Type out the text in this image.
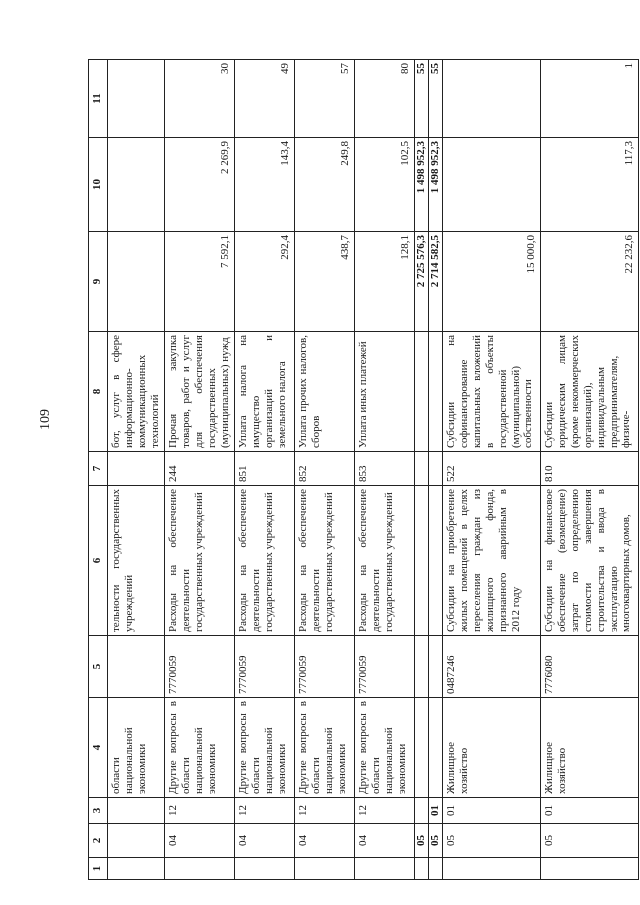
109
1	2	3	4	5	6	7	8	9	10	11
			области национальной экономики		тельности государственных учреждений		бот, услуг в сфере информационно-коммуникационных технологий			
	04	12	Другие вопросы в области национальной экономики	7770059	Расходы на обеспечение деятельности государственных учреждений	244	Прочая закупка товаров, работ и услуг для обеспечения государственных (муниципальных) нужд	7 592,1	2 269,9	30
	04	12	Другие вопросы в области национальной экономики	7770059	Расходы на обеспечение деятельности государственных учреждений	851	Уплата налога на имущество организаций и земельного налога	292,4	143,4	49
	04	12	Другие вопросы в области национальной экономики	7770059	Расходы на обеспечение деятельности государственных учреждений	852	Уплата прочих налогов, сборов	438,7	249,8	57
	04	12	Другие вопросы в области национальной экономики	7770059	Расходы на обеспечение деятельности государственных учреждений	853	Уплата иных платежей	128,1	102,5	80
	05							2 725 576,3	1 498 952,3	55
	05	01						2 714 582,5	1 498 952,3	55
	05	01	Жилищное хозяйство	0487246	Субсидии на приобретение жилых помещений в целях переселения граждан из жилищного фонда, признанного аварийным в 2012 году	522	Субсидии на софинансирование капитальных вложений в объекты государственной (муниципальной) собственности	15 000,0		
	05	01	Жилищное хозяйство	7776080	Субсидии на финансовое обеспечение (возмещение) затрат по определению стоимости завершения строительства и ввода в эксплуатацию многоквартирных домов,	810	Субсидии юридическим лицам (кроме некоммерческих организаций), индивидуальным предпринимателям, физиче-	22 232,6	117,3	1
